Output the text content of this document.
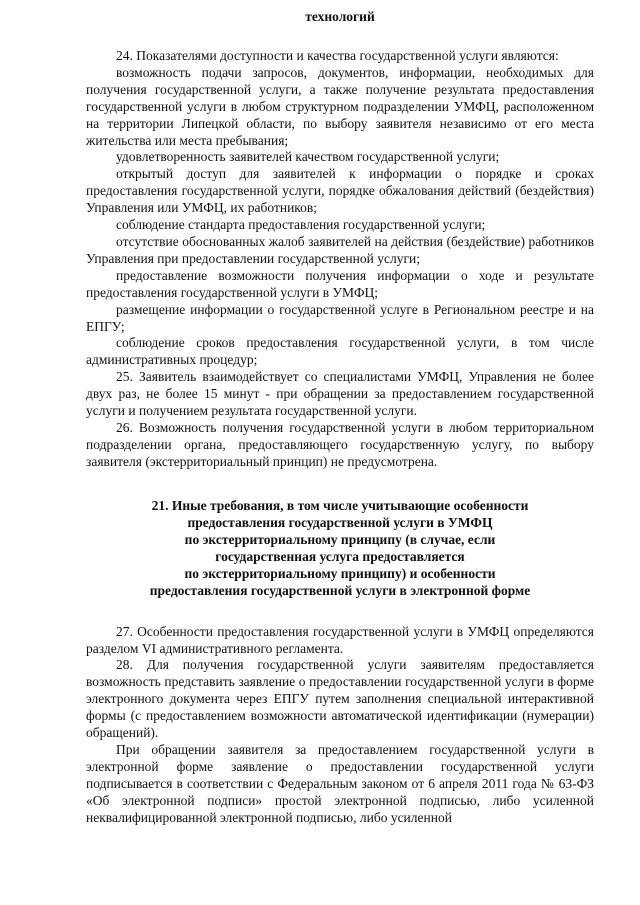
технологий

24. Показателями доступности и качества государственной услуги являются:

возможность подачи запросов, документов, информации, необходимых для получения государственной услуги, а также получение результата предоставления государственной услуги в любом структурном подразделении УМФЦ, расположенном на территории Липецкой области, по выбору заявителя независимо от его места жительства или места пребывания;

удовлетворенность заявителей качеством государственной услуги;

открытый доступ для заявителей к информации о порядке и сроках предоставления государственной услуги, порядке обжалования действий (бездействия) Управления или УМФЦ, их работников;

соблюдение стандарта предоставления государственной услуги;

отсутствие обоснованных жалоб заявителей на действия (бездействие) работников Управления при предоставлении государственной услуги;

предоставление возможности получения информации о ходе и результате предоставления государственной услуги в УМФЦ;

размещение информации о государственной услуге в Региональном реестре и на ЕПГУ;

соблюдение сроков предоставления государственной услуги, в том числе административных процедур;

25. Заявитель взаимодействует со специалистами УМФЦ, Управления не более двух раз, не более 15 минут - при обращении за предоставлением государственной услуги и получением результата государственной услуги.

26. Возможность получения государственной услуги в любом территориальном подразделении органа, предоставляющего государственную услугу, по выбору заявителя (экстерриториальный принцип) не предусмотрена.

21. Иные требования, в том числе учитывающие особенности
предоставления государственной услуги в УМФЦ
по экстерриториальному принципу (в случае, если
государственная услуга предоставляется
по экстерриториальному принципу) и особенности
предоставления государственной услуги в электронной форме

27. Особенности предоставления государственной услуги в УМФЦ определяются разделом VI административного регламента.

28. Для получения государственной услуги заявителям предоставляется возможность представить заявление о предоставлении государственной услуги в форме электронного документа через ЕПГУ путем заполнения специальной интерактивной формы (с предоставлением возможности автоматической идентификации (нумерации) обращений).

При обращении заявителя за предоставлением государственной услуги в электронной форме заявление о предоставлении государственной услуги подписывается в соответствии с Федеральным законом от 6 апреля 2011 года № 63-ФЗ «Об электронной подписи» простой электронной подписью, либо усиленной неквалифицированной электронной подписью, либо усиленной
